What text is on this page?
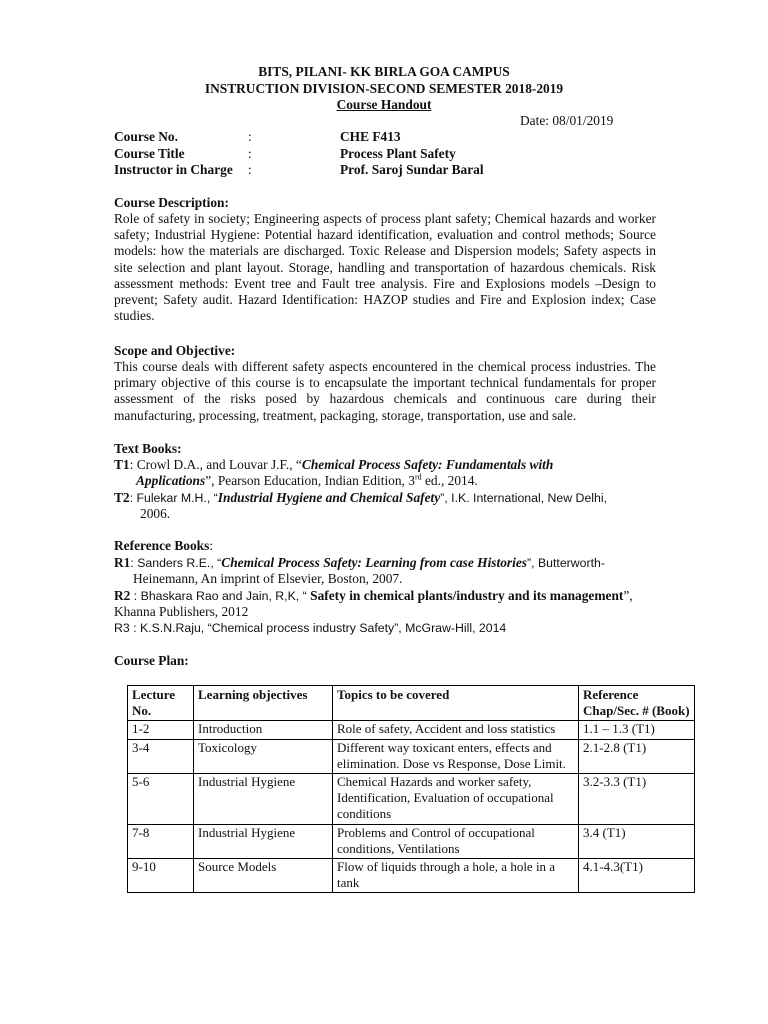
BITS, PILANI- KK BIRLA GOA CAMPUS
INSTRUCTION DIVISION-SECOND SEMESTER 2018-2019
Course Handout
Date: 08/01/2019
Course No.	:	CHE F413
Course Title	:	Process Plant Safety
Instructor in Charge :	Prof. Saroj Sundar Baral
Course Description:
Role of safety in society; Engineering aspects of process plant safety; Chemical hazards and worker safety; Industrial Hygiene: Potential hazard identification, evaluation and control methods; Source models: how the materials are discharged. Toxic Release and Dispersion models; Safety aspects in site selection and plant layout. Storage, handling and transportation of hazardous chemicals. Risk assessment methods: Event tree and Fault tree analysis. Fire and Explosions models –Design to prevent; Safety audit. Hazard Identification: HAZOP studies and Fire and Explosion index; Case studies.
Scope and Objective:
This course deals with different safety aspects encountered in the chemical process industries. The primary objective of this course is to encapsulate the important technical fundamentals for proper assessment of the risks posed by hazardous chemicals and continuous care during their manufacturing, processing, treatment, packaging, storage, transportation, use and sale.
Text Books:
T1: Crowl D.A., and Louvar J.F., “Chemical Process Safety: Fundamentals with
Applications”, Pearson Education, Indian Edition, 3rd ed., 2014.
T2: Fulekar M.H., “Industrial Hygiene and Chemical Safety”, I.K. International, New Delhi,
2006.
Reference Books:
R1: Sanders R.E., “Chemical Process Safety: Learning from case Histories”, Butterworth-
Heinemann, An imprint of Elsevier, Boston, 2007.
R2 : Bhaskara Rao and Jain, R,K, “ Safety in chemical plants/industry and its management”,
Khanna Publishers, 2012
R3 : K.S.N.Raju, “Chemical process industry Safety”, McGraw-Hill, 2014
Course Plan:
Lecture No.	Learning objectives	Topics to be covered	Reference Chap/Sec. # (Book)
1-2	Introduction	Role of safety, Accident and loss statistics	1.1 – 1.3 (T1)
3-4	Toxicology	Different way toxicant enters, effects and elimination. Dose vs Response, Dose Limit.	2.1-2.8 (T1)
5-6	Industrial Hygiene	Chemical Hazards and worker safety, Identification, Evaluation of occupational conditions	3.2-3.3 (T1)
7-8	Industrial Hygiene	Problems and Control of occupational conditions, Ventilations	3.4 (T1)
9-10	Source Models	Flow of liquids through a hole, a hole in a tank	4.1-4.3(T1)
